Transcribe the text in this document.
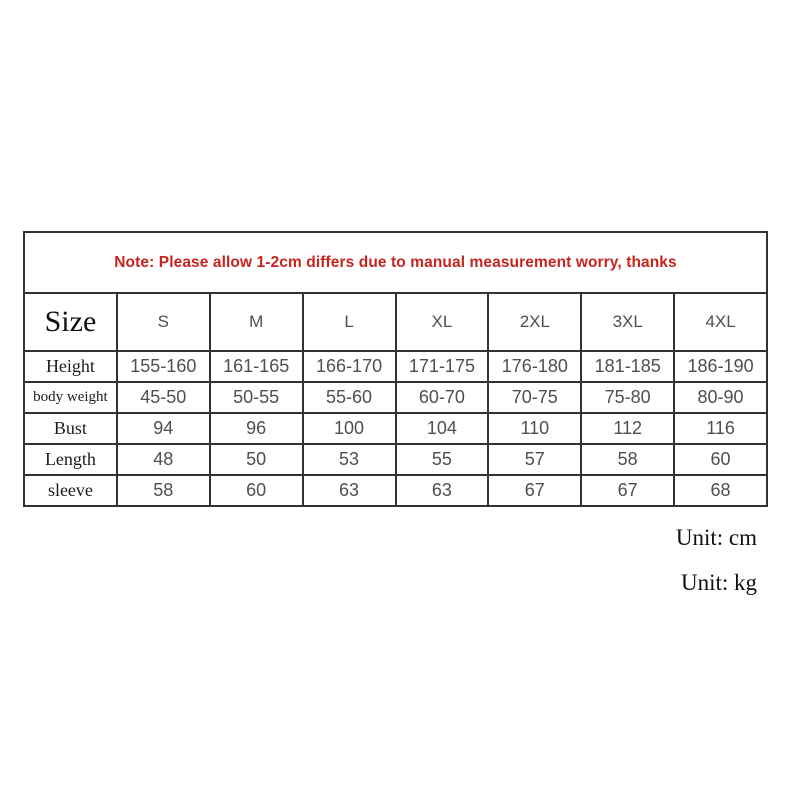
Note: Please allow 1-2cm differs due to manual measurement worry, thanks							
Size	S	M	L	XL	2XL	3XL	4XL
Height	155-160	161-165	166-170	171-175	176-180	181-185	186-190
body weight	45-50	50-55	55-60	60-70	70-75	75-80	80-90
Bust	94	96	100	104	110	112	116
Length	48	50	53	55	57	58	60
sleeve	58	60	63	63	67	67	68
Unit: cm
Unit: kg
